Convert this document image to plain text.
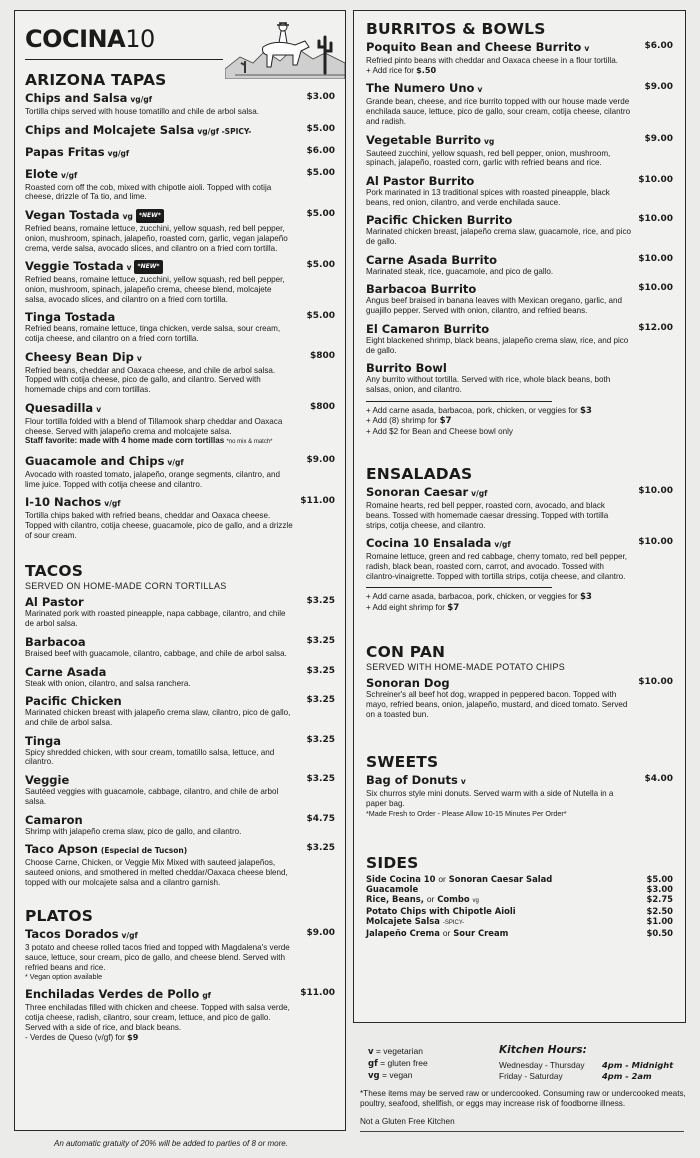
COCINA10
ARIZONA TAPAS
Chips and Salsa vg/gf	$3.00
Tortilla chips served with house tomatillo and chile de arbol salsa.
Chips and Molcajete Salsa vg/gf -SPICY-	$5.00
Papas Fritas vg/gf	$6.00
Elote v/gf	$5.00
Roasted corn off the cob, mixed with chipotle aioli. Topped with cotija cheese, drizzle of Ta tio, and lime.
Vegan Tostada vg *NEW*	$5.00
Refried beans, romaine lettuce, zucchini, yellow squash, red bell pepper, onion, mushroom, spinach, jalapeño, roasted corn, garlic, vegan jalapeño crema, verde salsa, avocado slices, and cilantro on a fried corn tortilla.
Veggie Tostada v *NEW*	$5.00
Refried beans, romaine lettuce, zucchini, yellow squash, red bell pepper, onion, mushroom, spinach, jalapeño crema, cheese blend, molcajete salsa, avocado slices, and cilantro on a fried corn tortilla.
Tinga Tostada	$5.00
Refried beans, romaine lettuce, tinga chicken, verde salsa, sour cream, cotija cheese, and cilantro on a fried corn tortilla.
Cheesy Bean Dip v	$800
Refried beans, cheddar and Oaxaca cheese, and chile de arbol salsa. Topped with cotija cheese, pico de gallo, and cilantro. Served with homemade chips and corn tortillas.
Quesadilla v	$800
Flour tortilla folded with a blend of Tillamook sharp cheddar and Oaxaca cheese. Served with jalapeño crema and molcajete salsa.
Staff favorite: made with 4 home made corn tortillas *no mix & match*
Guacamole and Chips v/gf	$9.00
Avocado with roasted tomato, jalapeño, orange segments, cilantro, and lime juice. Topped with cotija cheese and cilantro.
I-10 Nachos v/gf	$11.00
Tortilla chips baked with refried beans, cheddar and Oaxaca cheese. Topped with cilantro, cotija cheese, guacamole, pico de gallo, and a drizzle of sour cream.
TACOS
SERVED ON HOME-MADE CORN TORTILLAS
Al Pastor	$3.25
Marinated pork with roasted pineapple, napa cabbage, cilantro, and chile de arbol salsa.
Barbacoa	$3.25
Braised beef with guacamole, cilantro, cabbage, and chile de arbol salsa.
Carne Asada	$3.25
Steak with onion, cilantro, and salsa ranchera.
Pacific Chicken	$3.25
Marinated chicken breast with jalapeño crema slaw, cilantro, pico de gallo, and chile de arbol salsa.
Tinga	$3.25
Spicy shredded chicken, with sour cream, tomatillo salsa, lettuce, and cilantro.
Veggie	$3.25
Sautéed veggies with guacamole, cabbage, cilantro, and chile de arbol salsa.
Camaron	$4.75
Shrimp with jalapeño crema slaw, pico de gallo, and cilantro.
Taco Apson (Especial de Tucson)	$3.25
Choose Carne, Chicken, or Veggie Mix Mixed with sauteed jalapeños, sauteed onions, and smothered in melted cheddar/Oaxaca cheese blend, topped with our molcajete salsa and a cilantro garnish.
PLATOS
Tacos Dorados v/gf	$9.00
3 potato and cheese rolled tacos fried and topped with Magdalena's verde sauce, lettuce, sour cream, pico de gallo, and cheese blend. Served with refried beans and rice.
* Vegan option available
Enchiladas Verdes de Pollo gf	$11.00
Three enchiladas filled with chicken and cheese. Topped with salsa verde, cotija cheese, radish, cilantro, sour cream, lettuce, and pico de gallo. Served with a side of rice, and black beans.
- Verdes de Queso (v/gf) for $9
BURRITOS & BOWLS
Poquito Bean and Cheese Burrito v	$6.00
Refried pinto beans with cheddar and Oaxaca cheese in a flour tortilla.
+ Add rice for $.50
The Numero Uno v	$9.00
Grande bean, cheese, and rice burrito topped with our house made verde enchilada sauce, lettuce, pico de gallo, sour cream, cotija cheese, cilantro and radish.
Vegetable Burrito vg	$9.00
Sauteed zucchini, yellow squash, red bell pepper, onion, mushroom, spinach, jalapeño, roasted corn, garlic with refried beans and rice.
Al Pastor Burrito	$10.00
Pork marinated in 13 traditional spices with roasted pineapple, black beans, red onion, cilantro, and verde enchilada sauce.
Pacific Chicken Burrito	$10.00
Marinated chicken breast, jalapeño crema slaw, guacamole, rice, and pico de gallo.
Carne Asada Burrito	$10.00
Marinated steak, rice, guacamole, and pico de gallo.
Barbacoa Burrito	$10.00
Angus beef braised in banana leaves with Mexican oregano, garlic, and guajillo pepper. Served with onion, cilantro, and refried beans.
El Camaron Burrito	$12.00
Eight blackened shrimp, black beans, jalapeño crema slaw, rice, and pico de gallo.
Burrito Bowl
Any burrito without tortilla. Served with rice, whole black beans, both salsas, onion, and cilantro.
+ Add carne asada, barbacoa, pork, chicken, or veggies for $3
+ Add (8) shrimp for $7
+ Add $2 for Bean and Cheese bowl only
ENSALADAS
Sonoran Caesar v/gf	$10.00
Romaine hearts, red bell pepper, roasted corn, avocado, and black beans. Tossed with homemade caesar dressing. Topped with tortilla strips, cotija cheese, and cilantro.
Cocina 10 Ensalada v/gf	$10.00
Romaine lettuce, green and red cabbage, cherry tomato, red bell pepper, radish, black bean, roasted corn, carrot, and avocado. Tossed with cilantro-vinaigrette. Topped with tortilla strips, cotija cheese, and cilantro.
+ Add carne asada, barbacoa, pork, chicken, or veggies for $3
+ Add eight shrimp for $7
CON PAN
SERVED WITH HOME-MADE POTATO CHIPS
Sonoran Dog	$10.00
Schreiner's all beef hot dog, wrapped in peppered bacon. Topped with mayo, refried beans, onion, jalapeño, mustard, and diced tomato. Served on a toasted bun.
SWEETS
Bag of Donuts v	$4.00
Six churros style mini donuts. Served warm with a side of Nutella in a paper bag.
*Made Fresh to Order - Please Allow 10-15 Minutes Per Order*
SIDES
Side Cocina 10 or Sonoran Caesar Salad	$5.00
Guacamole	$3.00
Rice, Beans, or Combo vg	$2.75
Potato Chips with Chipotle Aioli	$2.50
Molcajete Salsa -SPICY-	$1.00
Jalapeño Crema or Sour Cream	$0.50
v = vegetarian
gf = gluten free
vg = vegan
Kitchen Hours:
Wednesday - Thursday	4pm - Midnight
Friday - Saturday	4pm - 2am
*These items may be served raw or undercooked. Consuming raw or undercooked meats, poultry, seafood, shellfish, or eggs may increase risk of foodborne illness.
Not a Gluten Free Kitchen
An automatic gratuity of 20% will be added to parties of 8 or more.
